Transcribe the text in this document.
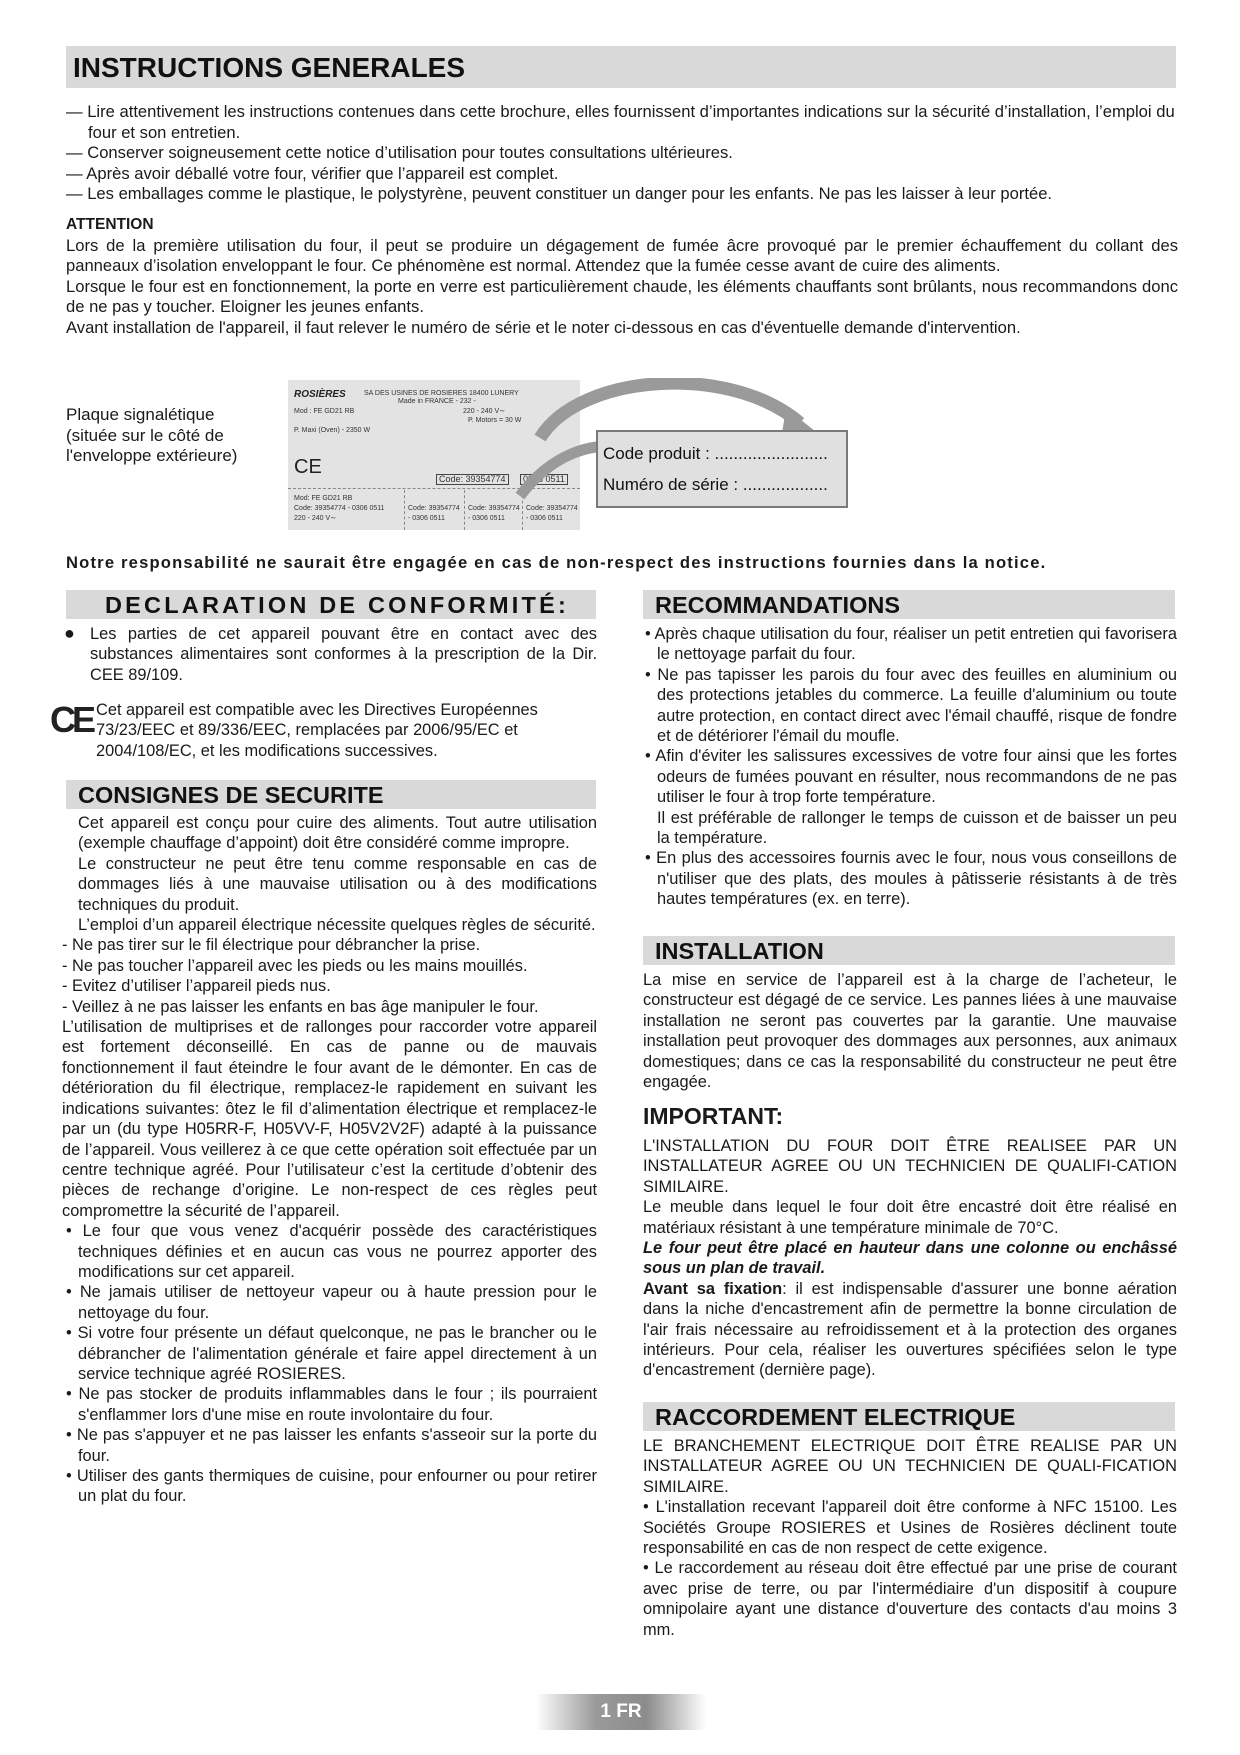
INSTRUCTIONS GENERALES

— Lire attentivement les instructions contenues dans cette brochure, elles fournissent d’importantes indications sur la sécurité d’installation, l’emploi du four et son entretien.

— Conserver soigneusement cette notice d’utilisation pour toutes consultations ultérieures.

— Après avoir déballé votre four, vérifier que l’appareil est complet.

— Les emballages comme le plastique, le polystyrène, peuvent constituer un danger pour les enfants. Ne pas les laisser à leur portée.

ATTENTION

Lors de la première utilisation du four, il peut se produire un dégagement de fumée âcre provoqué par le premier échauffement du collant des panneaux d’isolation enveloppant le four. Ce phénomène est normal. Attendez que la fumée cesse avant de cuire des aliments.

Lorsque le four est en fonctionnement, la porte en verre est particulièrement chaude, les éléments chauffants sont brûlants, nous recommandons donc de ne pas y toucher. Eloigner les jeunes enfants.

Avant installation de l'appareil, il faut relever le numéro de série et le noter ci-dessous en cas d'éventuelle demande d'intervention.

Plaque signalétique

(située sur le côté de

l'enveloppe extérieure)

ROSIÈRES	SA DES USINES DE ROSIERES 18400 LUNERY
Made in FRANCE - 232 -
Mod : FE GD21 RB	220 - 240 V∼
P. Motors = 30 W
P. Maxi (Oven) - 2350 W
CE
Code: 39354774	0306 0511
Mod: FE GD21 RB
Code: 39354774 - 0306 0511
220 - 240 V∼
Code: 39354774
- 0306 0511
Code: 39354774
- 0306 0511
Code: 39354774
- 0306 0511
Code produit : ........................
Numéro de série : ..................
Notre responsabilité ne saurait être engagée en cas de non-respect des instructions fournies dans la notice.
DECLARATION DE CONFORMITÉ:
● Les parties de cet appareil pouvant être en contact avec des substances alimentaires sont conformes à la prescription de la Dir. CEE 89/109.

CE Cet appareil est compatible avec les Directives Européennes 73/23/EEC et 89/336/EEC, remplacées par 2006/95/EC et 2004/108/EC, et les modifications successives.

CONSIGNES DE SECURITE

Cet appareil est conçu pour cuire des aliments. Tout autre utilisation (exemple chauffage d’appoint) doit être considéré comme impropre.

Le constructeur ne peut être tenu comme responsable en cas de dommages liés à une mauvaise utilisation ou à des modifications techniques du produit.

L’emploi d’un appareil électrique nécessite quelques règles de sécurité.

- Ne pas tirer sur le fil électrique pour débrancher la prise.

- Ne pas toucher l’appareil avec les pieds ou les mains mouillés.

- Evitez d’utiliser l’appareil pieds nus.

- Veillez à ne pas laisser les enfants en bas âge manipuler le four.

L’utilisation de multiprises et de rallonges pour raccorder votre appareil est fortement déconseillé. En cas de panne ou de mauvais fonctionnement il faut éteindre le four avant de le démonter. En cas de détérioration du fil électrique, remplacez-le rapidement en suivant les indications suivantes: ôtez le fil d’alimentation électrique et remplacez-le par un (du type H05RR-F, H05VV-F, H05V2V2F) adapté à la puissance de l’appareil. Vous veillerez à ce que cette opération soit effectuée par un centre technique agréé. Pour l’utilisateur c’est la certitude d’obtenir des pièces de rechange d’origine. Le non-respect de ces règles peut compromettre la sécurité de l’appareil.

• Le four que vous venez d'acquérir possède des caractéristiques techniques définies et en aucun cas vous ne pourrez apporter des modifications sur cet appareil.

• Ne jamais utiliser de nettoyeur vapeur ou à haute pression pour le nettoyage du four.

• Si votre four présente un défaut quelconque, ne pas le brancher ou le débrancher de l'alimentation générale et faire appel directement à un service technique agréé ROSIERES.

• Ne pas stocker de produits inflammables dans le four ; ils pourraient s'enflammer lors d'une mise en route involontaire du four.

• Ne pas s'appuyer et ne pas laisser les enfants s'asseoir sur la porte du four.

• Utiliser des gants thermiques de cuisine, pour enfourner ou pour retirer un plat du four.

RECOMMANDATIONS

• Après chaque utilisation du four, réaliser un petit entretien qui favorisera le nettoyage parfait du four.

• Ne pas tapisser les parois du four avec des feuilles en aluminium ou des protections jetables du commerce. La feuille d'aluminium ou toute autre protection, en contact direct avec l'émail chauffé, risque de fondre et de détériorer l'émail du moufle.

• Afin d'éviter les salissures excessives de votre four ainsi que les fortes odeurs de fumées pouvant en résulter, nous recommandons de ne pas utiliser le four à trop forte température.

Il est préférable de rallonger le temps de cuisson et de baisser un peu la température.

• En plus des accessoires fournis avec le four, nous vous conseillons de n'utiliser que des plats, des moules à pâtisserie résistants à de très hautes températures (ex. en terre).

INSTALLATION

La mise en service de l’appareil est à la charge de l’acheteur, le constructeur est dégagé de ce service. Les pannes liées à une mauvaise installation ne seront pas couvertes par la garantie. Une mauvaise installation peut provoquer des dommages aux personnes, aux animaux domestiques; dans ce cas la responsabilité du constructeur ne peut être engagée.

IMPORTANT:

L'INSTALLATION DU FOUR DOIT ÊTRE REALISEE PAR UN INSTALLATEUR AGREE OU UN TECHNICIEN DE QUALIFI-CATION SIMILAIRE.

Le meuble dans lequel le four doit être encastré doit être réalisé en matériaux résistant à une température minimale de 70°C.

Le four peut être placé en hauteur dans une colonne ou enchâssé sous un plan de travail.

Avant sa fixation: il est indispensable d'assurer une bonne aération dans la niche d'encastrement afin de permettre la bonne circulation de l'air frais nécessaire au refroidissement et à la protection des organes intérieurs. Pour cela, réaliser les ouvertures spécifiées selon le type d'encastrement (dernière page).

RACCORDEMENT ELECTRIQUE

LE BRANCHEMENT ELECTRIQUE DOIT ÊTRE REALISE PAR UN INSTALLATEUR AGREE OU UN TECHNICIEN DE QUALI-FICATION SIMILAIRE.

• L'installation recevant l'appareil doit être conforme à NFC 15100. Les Sociétés Groupe ROSIERES et Usines de Rosières déclinent toute responsabilité en cas de non respect de cette exigence.

• Le raccordement au réseau doit être effectué par une prise de courant avec prise de terre, ou par l'intermédiaire d'un dispositif à coupure omnipolaire ayant une distance d'ouverture des contacts d'au moins 3 mm.

1 FR
